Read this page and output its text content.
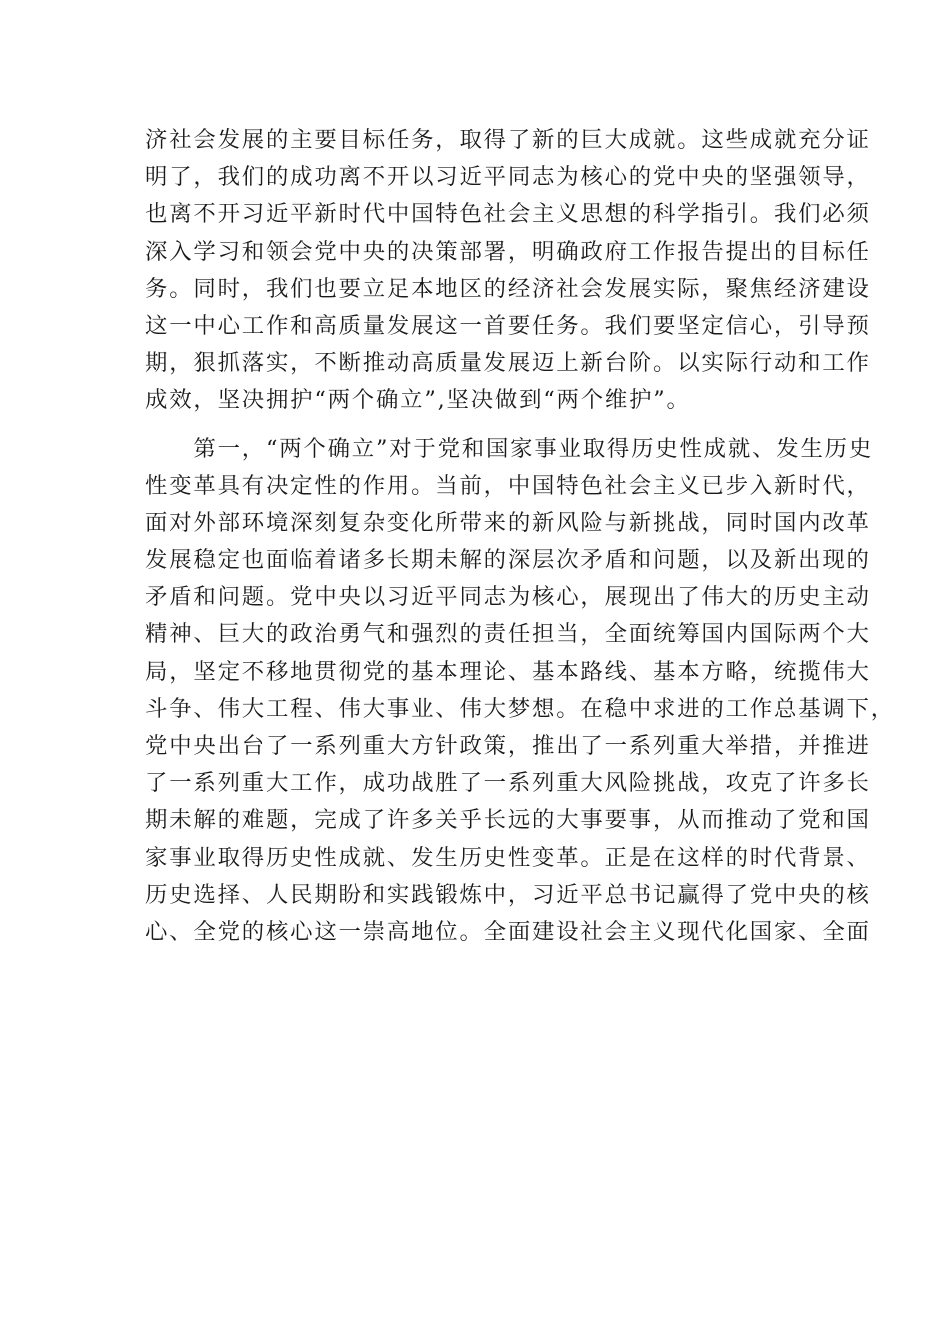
济社会发展的主要目标任务，取得了新的巨大成就。这些成就充分证
明了，我们的成功离不开以习近平同志为核心的党中央的坚强领导，
也离不开习近平新时代中国特色社会主义思想的科学指引。我们必须
深入学习和领会党中央的决策部署，明确政府工作报告提出的目标任
务。同时，我们也要立足本地区的经济社会发展实际，聚焦经济建设
这一中心工作和高质量发展这一首要任务。我们要坚定信心，引导预
期，狠抓落实，不断推动高质量发展迈上新台阶。以实际行动和工作
成效，坚决拥护“两个确立”,坚决做到“两个维护”。
　　第一，“两个确立”对于党和国家事业取得历史性成就、发生历史
性变革具有决定性的作用。当前，中国特色社会主义已步入新时代，
面对外部环境深刻复杂变化所带来的新风险与新挑战，同时国内改革
发展稳定也面临着诸多长期未解的深层次矛盾和问题，以及新出现的
矛盾和问题。党中央以习近平同志为核心，展现出了伟大的历史主动
精神、巨大的政治勇气和强烈的责任担当，全面统筹国内国际两个大
局，坚定不移地贯彻党的基本理论、基本路线、基本方略，统揽伟大
斗争、伟大工程、伟大事业、伟大梦想。在稳中求进的工作总基调下，
党中央出台了一系列重大方针政策，推出了一系列重大举措，并推进
了一系列重大工作，成功战胜了一系列重大风险挑战，攻克了许多长
期未解的难题，完成了许多关乎长远的大事要事，从而推动了党和国
家事业取得历史性成就、发生历史性变革。正是在这样的时代背景、
历史选择、人民期盼和实践锻炼中，习近平总书记赢得了党中央的核
心、全党的核心这一崇高地位。全面建设社会主义现代化国家、全面
